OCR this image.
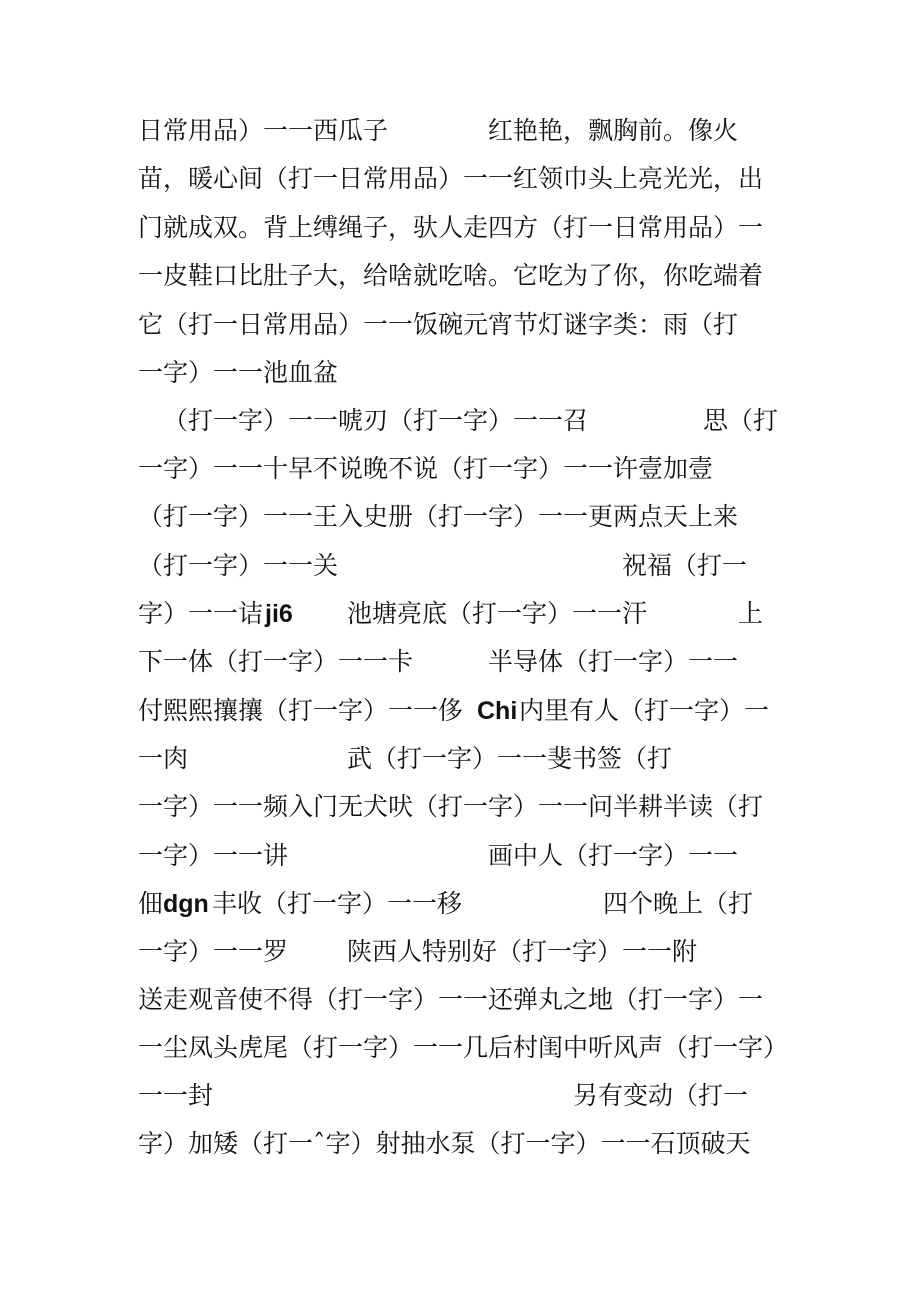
日常用品）一一西瓜子	红艳艳，飘胸前。像火
苗，暖心间（打一日常用品）一一红领巾头上亮光光，出
门就成双。背上缚绳子，驮人走四方（打一日常用品）一
一皮鞋口比肚子大，给啥就吃啥。它吃为了你，你吃端着
它（打一日常用品）一一饭碗元宵节灯谜字类：雨（打
一字）一一池血盆
（打一字）一一唬刃（打一字）一一召	思（打
一字）一一十早不说晚不说（打一字）一一许壹加壹
（打一字）一一王入史册（打一字）一一更两点天上来
（打一字）一一关	祝福（打一
字）一一诘 ji6 池塘亮底（打一字）一一汗	上
下一体（打一字）一一卡	半导体（打一字）一一
付熙熙攘攘（打一字）一一侈 Chi 内里有人（打一字）一
一肉	武（打一字）一一斐书签（打
一字）一一频入门无犬吠（打一字）一一问半耕半读（打
一字）一一讲	画中人（打一字）一一
佃 dgn 丰收（打一字）一一移	四个晚上（打
一字）一一罗 陕西人特别好（打一字）一一附
送走观音使不得（打一字）一一还弹丸之地（打一字）一
一尘凤头虎尾（打一字）一一几后村闺中听风声（打一字）
一一封	另有变动（打一
字）加矮（打一ˆ字）射抽水泵（打一字）一一石顶破天
